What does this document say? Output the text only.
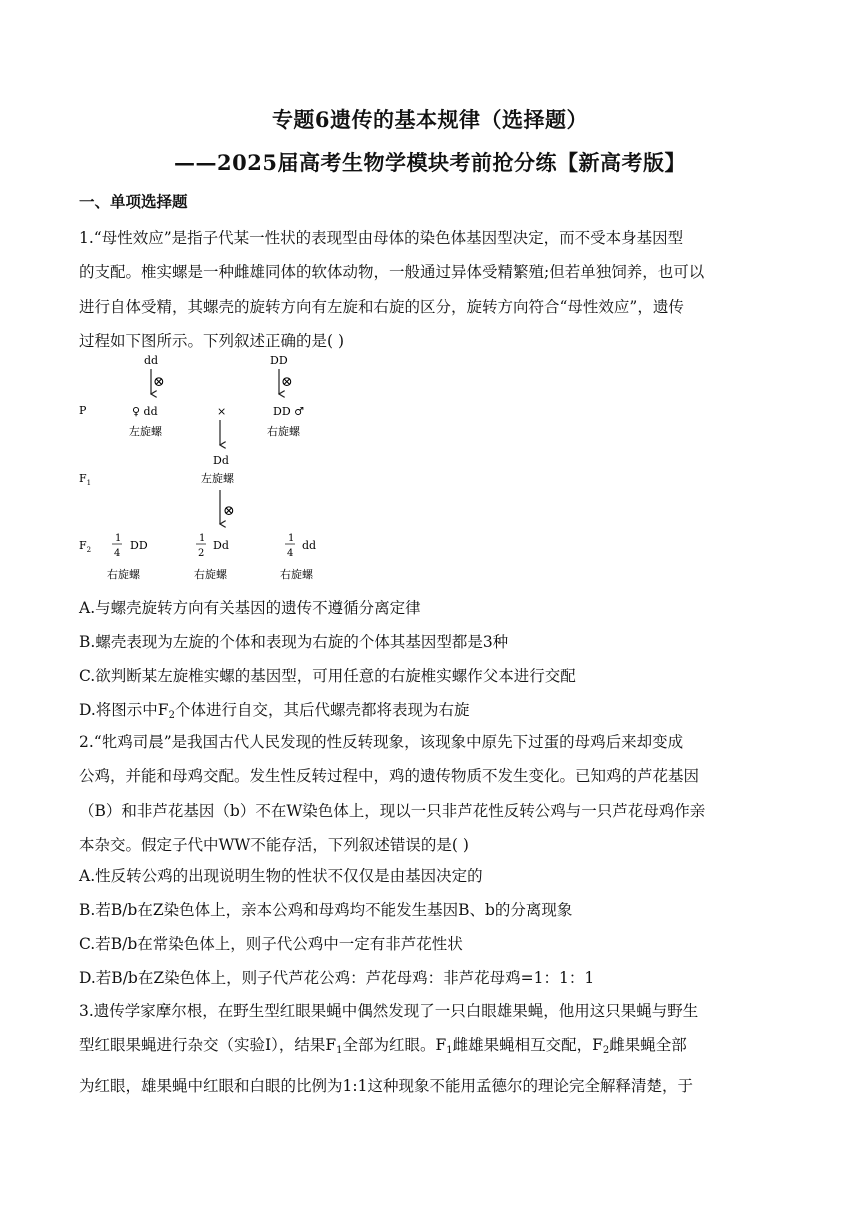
专题6遗传的基本规律（选择题）
——2025届高考生物学模块考前抢分练【新高考版】
一、单项选择题
1.“母性效应”是指子代某一性状的表现型由母体的染色体基因型决定，而不受本身基因型
的支配。椎实螺是一种雌雄同体的软体动物，一般通过异体受精繁殖;但若单独饲养，也可以
进行自体受精，其螺壳的旋转方向有左旋和右旋的区分，旋转方向符合“母性效应”，遗传
过程如下图所示。下列叙述正确的是( )
P
$F_1$
$F_2$
dd
⊗
DD
⊗
♀ dd	×	DD ♂
左旋螺	右旋螺
Dd
左旋螺
⊗
1
4
DD
右旋螺
1
2
Dd
右旋螺
1
4
dd
右旋螺
A.与螺壳旋转方向有关基因的遗传不遵循分离定律
B.螺壳表现为左旋的个体和表现为右旋的个体其基因型都是3种
C.欲判断某左旋椎实螺的基因型，可用任意的右旋椎实螺作父本进行交配
D.将图示中$F_2$个体进行自交，其后代螺壳都将表现为右旋
2.“牝鸡司晨”是我国古代人民发现的性反转现象，该现象中原先下过蛋的母鸡后来却变成
公鸡，并能和母鸡交配。发生性反转过程中，鸡的遗传物质不发生变化。已知鸡的芦花基因
（B）和非芦花基因（b）不在W染色体上，现以一只非芦花性反转公鸡与一只芦花母鸡作亲
本杂交。假定子代中WW不能存活，下列叙述错误的是( )
A.性反转公鸡的出现说明生物的性状不仅仅是由基因决定的
B.若B/b在Z染色体上，亲本公鸡和母鸡均不能发生基因B、b的分离现象
C.若B/b在常染色体上，则子代公鸡中一定有非芦花性状
D.若B/b在Z染色体上，则子代芦花公鸡：芦花母鸡：非芦花母鸡=1：1：1
3.遗传学家摩尔根，在野生型红眼果蝇中偶然发现了一只白眼雄果蝇，他用这只果蝇与野生
型红眼果蝇进行杂交（实验Ⅰ），结果$F_1$全部为红眼。$F_1$雌雄果蝇相互交配，$F_2$雌果蝇全部
为红眼，雄果蝇中红眼和白眼的比例为1:1这种现象不能用孟德尔的理论完全解释清楚，于
